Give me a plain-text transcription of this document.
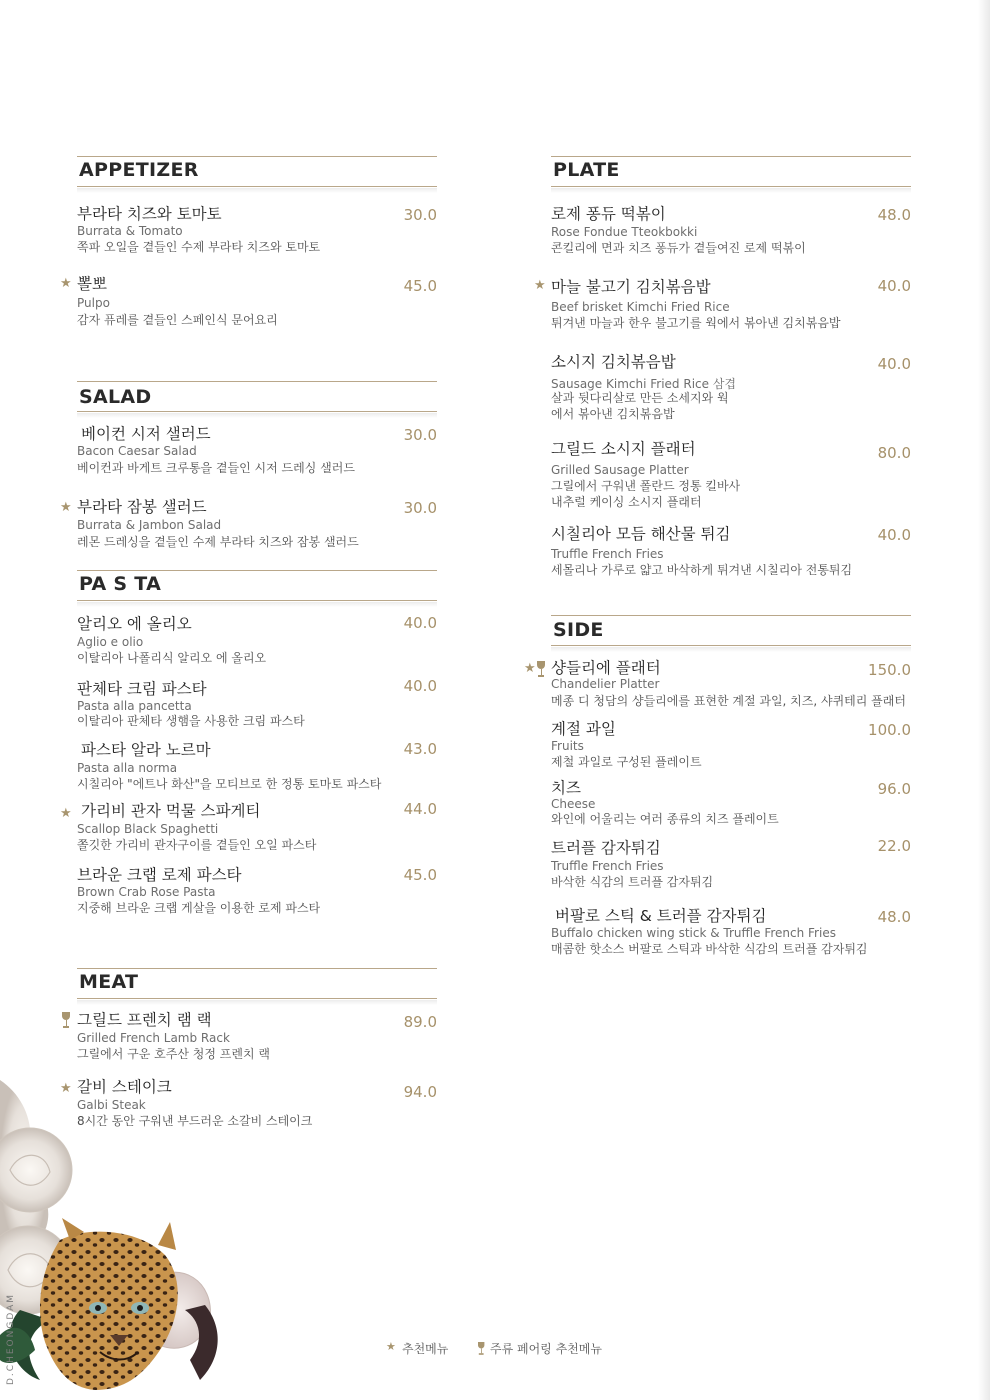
APPETIZER
부라타 치즈와 토마토	30.0
Burrata & Tomato
쪽파 오일을 곁들인 수제 부라타 치즈와 토마토
★ 뽈뽀	45.0
Pulpo
감자 퓨레를 곁들인 스페인식 문어요리
SALAD
베이컨 시저 샐러드	30.0
Bacon Caesar Salad
베이컨과 바게트 크루통을 곁들인 시저 드레싱 샐러드
★ 부라타 잠봉 샐러드	30.0
Burrata & Jambon Salad
레몬 드레싱을 곁들인 수제 부라타 치즈와 잠봉 샐러드
PA S TA
알리오 에 올리오	40.0
Aglio e olio
이탈리아 나폴리식 알리오 에 올리오
판체타 크림 파스타	40.0
Pasta alla pancetta
이탈리아 판체타 생햄을 사용한 크림 파스타
파스타 알라 노르마	43.0
Pasta alla norma
시칠리아 "에트나 화산"을 모티브로 한 정통 토마토 파스타
★ 가리비 관자 먹물 스파게티	44.0
Scallop Black Spaghetti
쫄깃한 가리비 관자구이를 곁들인 오일 파스타
브라운 크랩 로제 파스타	45.0
Brown Crab Rose Pasta
지중해 브라운 크랩 게살을 이용한 로제 파스타
MEAT
그릴드 프렌치 램 랙	89.0
Grilled French Lamb Rack
그릴에서 구운 호주산 청정 프렌치 랙
★ 갈비 스테이크	94.0
Galbi Steak
8시간 동안 구워낸 부드러운 소갈비 스테이크
PLATE
로제 퐁듀 떡볶이	48.0
Rose Fondue Tteokbokki
콘킬리에 면과 치즈 퐁듀가 곁들여진 로제 떡볶이
★ 마늘 불고기 김치볶음밥	40.0
Beef brisket Kimchi Fried Rice
튀겨낸 마늘과 한우 불고기를 웍에서 볶아낸 김치볶음밥
소시지 김치볶음밥	40.0
Sausage Kimchi Fried Rice 삼겹
살과 뒷다리살로 만든 소세지와 웍
에서 볶아낸 김치볶음밥
그릴드 소시지 플래터	80.0
Grilled Sausage Platter
그릴에서 구워낸 폴란드 정통 킬바사
내추럴 케이싱 소시지 플래터
시칠리아 모듬 해산물 튀김	40.0
Truffle French Fries
세몰리나 가루로 얇고 바삭하게 튀겨낸 시칠리아 전통튀김
SIDE
★ 샹들리에 플래터	150.0
Chandelier Platter
메종 디 청담의 샹들리에를 표현한 계절 과일, 치즈, 샤퀴테리 플래터
계절 과일	100.0
Fruits
제철 과일로 구성된 플레이트
치즈	96.0
Cheese
와인에 어울리는 여러 종류의 치즈 플레이트
트러플 감자튀김	22.0
Truffle French Fries
바삭한 식감의 트러플 감자튀김
버팔로 스틱 & 트러플 감자튀김	48.0
Buffalo chicken wing stick & Truffle French Fries
매콤한 핫소스 버팔로 스틱과 바삭한 식감의 트러플 감자튀김
D.CHEONGDAM	★ 추천메뉴	주류 페어링 추천메뉴
